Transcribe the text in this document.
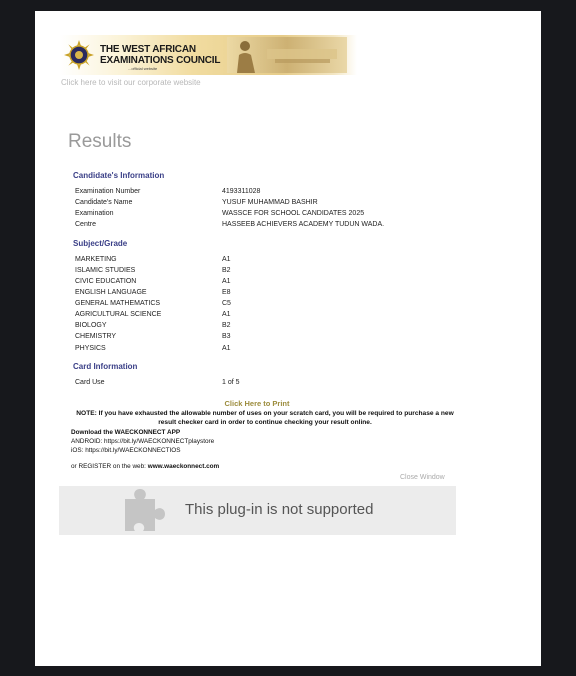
THE WEST AFRICAN EXAMINATIONS COUNCIL
...official website
Click here to visit our corporate website
Results
Candidate's Information
Examination Number	4193311028
Candidate's Name	YUSUF MUHAMMAD BASHIR
Examination	WASSCE FOR SCHOOL CANDIDATES 2025
Centre	HASSEEB ACHIEVERS ACADEMY TUDUN WADA.
Subject/Grade
MARKETING	A1
ISLAMIC STUDIES	B2
CIVIC EDUCATION	A1
ENGLISH LANGUAGE	E8
GENERAL MATHEMATICS	C5
AGRICULTURAL SCIENCE	A1
BIOLOGY	B2
CHEMISTRY	B3
PHYSICS	A1
Card Information
Card Use	1 of 5
Click Here to Print
NOTE: If you have exhausted the allowable number of uses on your scratch card, you will be required to purchase a new result checker card in order to continue checking your result online.
Download the WAECKONNECT APP
ANDROID: https://bit.ly/WAECKONNECTplaystore
iOS: https://bit.ly/WAECKONNECTIOS
or REGISTER on the web: www.waeckonnect.com
Close Window
This plug-in is not supported
